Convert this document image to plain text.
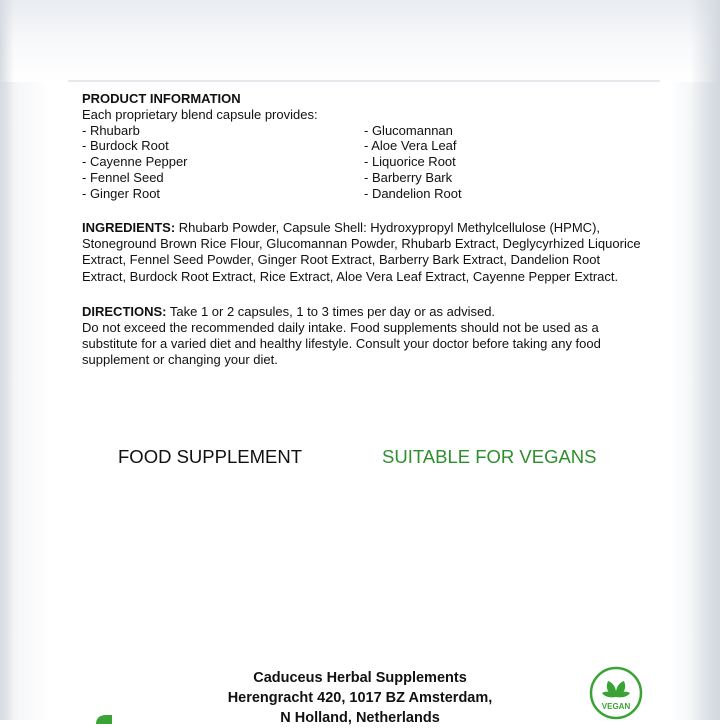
PRODUCT INFORMATION
Each proprietary blend capsule provides:
- Rhubarb
- Burdock Root
- Cayenne Pepper
- Fennel Seed
- Ginger Root
- Glucomannan
- Aloe Vera Leaf
- Liquorice Root
- Barberry Bark
- Dandelion Root
INGREDIENTS: Rhubarb Powder, Capsule Shell: Hydroxypropyl Methylcellulose (HPMC), Stoneground Brown Rice Flour, Glucomannan Powder, Rhubarb Extract, Deglycyrhized Liquorice Extract, Fennel Seed Powder, Ginger Root Extract, Barberry Bark Extract, Dandelion Root Extract, Burdock Root Extract, Rice Extract, Aloe Vera Leaf Extract, Cayenne Pepper Extract.
DIRECTIONS: Take 1 or 2 capsules, 1 to 3 times per day or as advised.
Do not exceed the recommended daily intake. Food supplements should not be used as a substitute for a varied diet and healthy lifestyle. Consult your doctor before taking any food supplement or changing your diet.
FOOD SUPPLEMENT	SUITABLE FOR VEGANS
Caduceus Herbal Supplements
Herengracht 420, 1017 BZ Amsterdam,
N Holland, Netherlands
VEGAN
